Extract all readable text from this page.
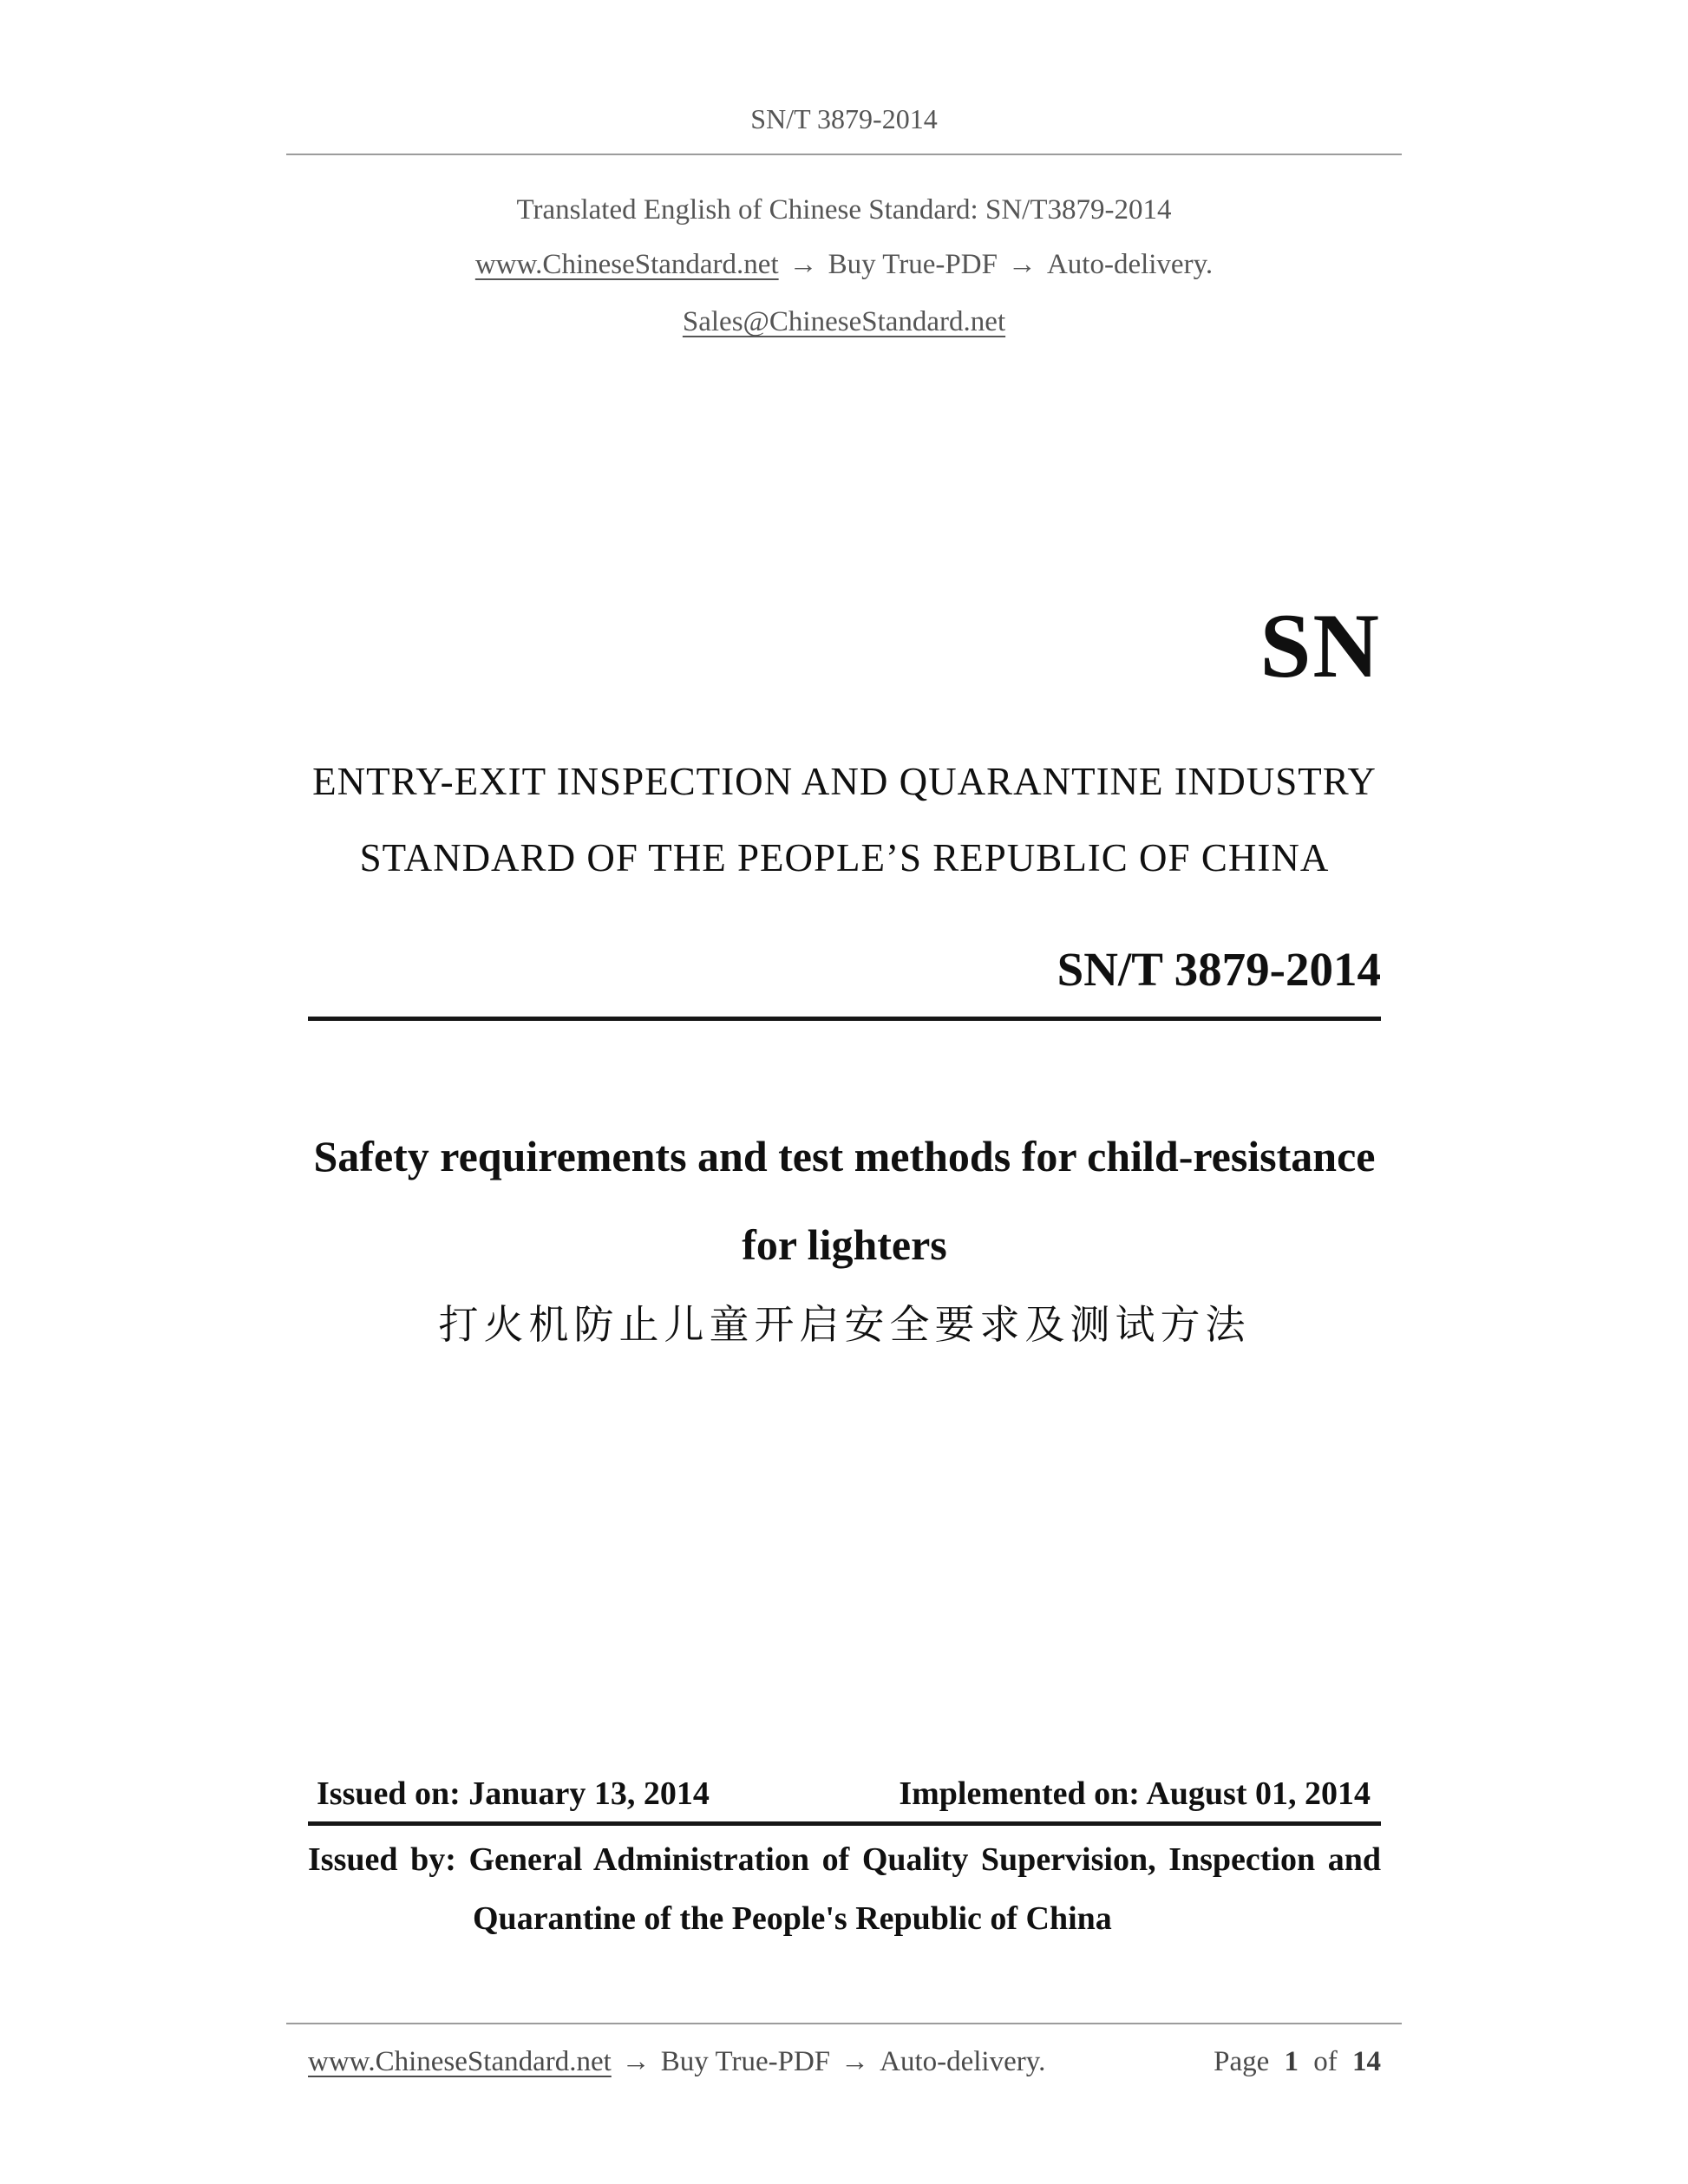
SN/T 3879-2014
Translated English of Chinese Standard: SN/T3879-2014
www.ChineseStandard.net → Buy True-PDF → Auto-delivery.
Sales@ChineseStandard.net
SN
ENTRY-EXIT INSPECTION AND QUARANTINE INDUSTRY
STANDARD OF THE PEOPLE’S REPUBLIC OF CHINA
SN/T 3879-2014
Safety requirements and test methods for child-resistance
for lighters
打火机防止儿童开启安全要求及测试方法
Issued on: January 13, 2014	Implemented on: August 01, 2014
Issued by: General Administration of Quality Supervision, Inspection and
Quarantine of the People's Republic of China
www.ChineseStandard.net → Buy True-PDF → Auto-delivery.	Page 1 of 14
